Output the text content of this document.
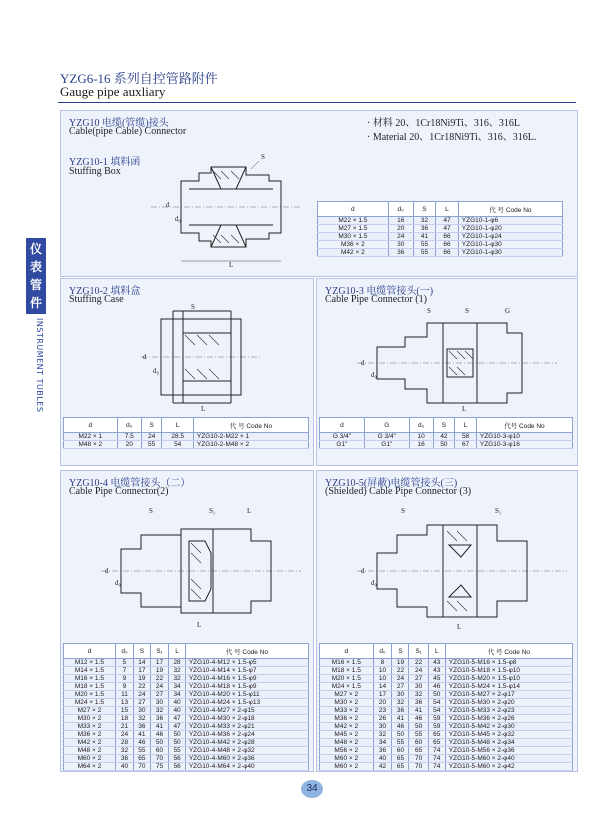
YZG6-16 系列自控管路附件
Gauge pipe auxliary
仪
表
管
件
INSTRUMENT TUBLES
YZG10 电缆(管缆)接头
Cable(pipe Cable) Connector
· 材料 20、1Cr18Ni9Ti、316、316L
· Material 20、1Cr18Ni9Ti、316、316L.
YZG10-1 填料函
Stuffing Box
L
d
d₀
S
d	d₀	S	L	代 号 Code No
M22 × 1.5	16	32	47	YZG10-1-φ6
M27 × 1.5	20	36	47	YZG10-1-φ20
M30 × 1.5	24	41	66	YZG10-1-φ24
M36 × 2	30	55	66	YZG10-1-φ30
M42 × 2	36	55	66	YZG10-1-φ30
YZG10-2 填料盒
Stuffing Case
d
d₀
L
S
d	d₀	S	L	代 号 Code No
M22 × 1	7.5	24	28.5	YZG10-2-M22 × 1
M48 × 2	20	55	54	YZG10-2-M48 × 2
YZG10-3 电缆管接头(一)
Cable Pipe Connector (1)
d
d₀
L
S	S	G
d	G	d₀	S	L	代号 Code No
G 3/4"	G 3/4"	10	42	58	YZG10-3-φ10
G1"	G1"	16	50	67	YZG10-3-φ16
YZG10-4 电缆管接头（二）
Cable Pipe Connector(2)
d
d₀
L
S	S₁	L
d	d₀	S	S₁	L	代 号 Code No
M12 × 1.5	5	14	17	28	YZG10-4-M12 × 1.5-φ5
M14 × 1.5	7	17	19	32	YZG10-4-M14 × 1.5-φ7
M16 × 1.5	9	19	22	32	YZG10-4-M16 × 1.5-φ9
M18 × 1.5	9	22	24	34	YZG10-4-M18 × 1.5-φ9
M20 × 1.5	11	24	27	34	YZG10-4-M20 × 1.5-φ11
M24 × 1.5	13	27	30	40	YZG10-4-M24 × 1.5-φ13
M27 × 2	15	30	32	40	YZG10-4-M27 × 2-φ15
M30 × 2	18	32	36	47	YZG10-4-M30 × 2-φ18
M33 × 2	21	36	41	47	YZG10-4-M33 × 2-φ21
M36 × 2	24	41	46	50	YZG10-4-M36 × 2-φ24
M42 × 2	28	46	50	50	YZG10-4-M42 × 2-φ28
M48 × 2	32	55	60	55	YZG10-4-M48 × 2-φ32
M60 × 2	36	65	70	56	YZG10-4-M60 × 2-φ36
M64 × 2	40	70	75	56	YZG10-4-M64 × 2-φ40
YZG10-5(屏蔽)电缆管接头(三)
(Shielded) Cable Pipe Connector (3)
d
d₀
L
S	S₁
d	d₀	S	S₁	L	代 号 Code No
M16 × 1.5	8	19	22	43	YZG10-5-M16 × 1.5-φ8
M18 × 1.5	10	22	24	43	YZG10-5-M18 × 1.5-φ10
M20 × 1.5	10	24	27	45	YZG10-5-M20 × 1.5-φ10
M24 × 1.5	14	27	30	46	YZG10-5-M24 × 1.5-φ14
M27 × 2	17	30	32	50	YZG10-5-M27 × 2-φ17
M30 × 2	20	32	36	54	YZG10-5-M30 × 2-φ20
M33 × 2	23	36	41	54	YZG10-5-M33 × 2-φ23
M36 × 2	26	41	46	59	YZG10-5-M36 × 2-φ26
M42 × 2	30	46	50	59	YZG10-5-M42 × 2-φ30
M45 × 2	32	50	55	65	YZG10-5-M45 × 2-φ32
M48 × 2	34	55	60	65	YZG10-5-M48 × 2-φ34
M56 × 2	36	60	65	74	YZG10-5-M56 × 2-φ36
M60 × 2	40	65	70	74	YZG10-5-M60 × 2-φ40
M60 × 2	42	65	70	74	YZG10-5-M60 × 2-φ42
34
